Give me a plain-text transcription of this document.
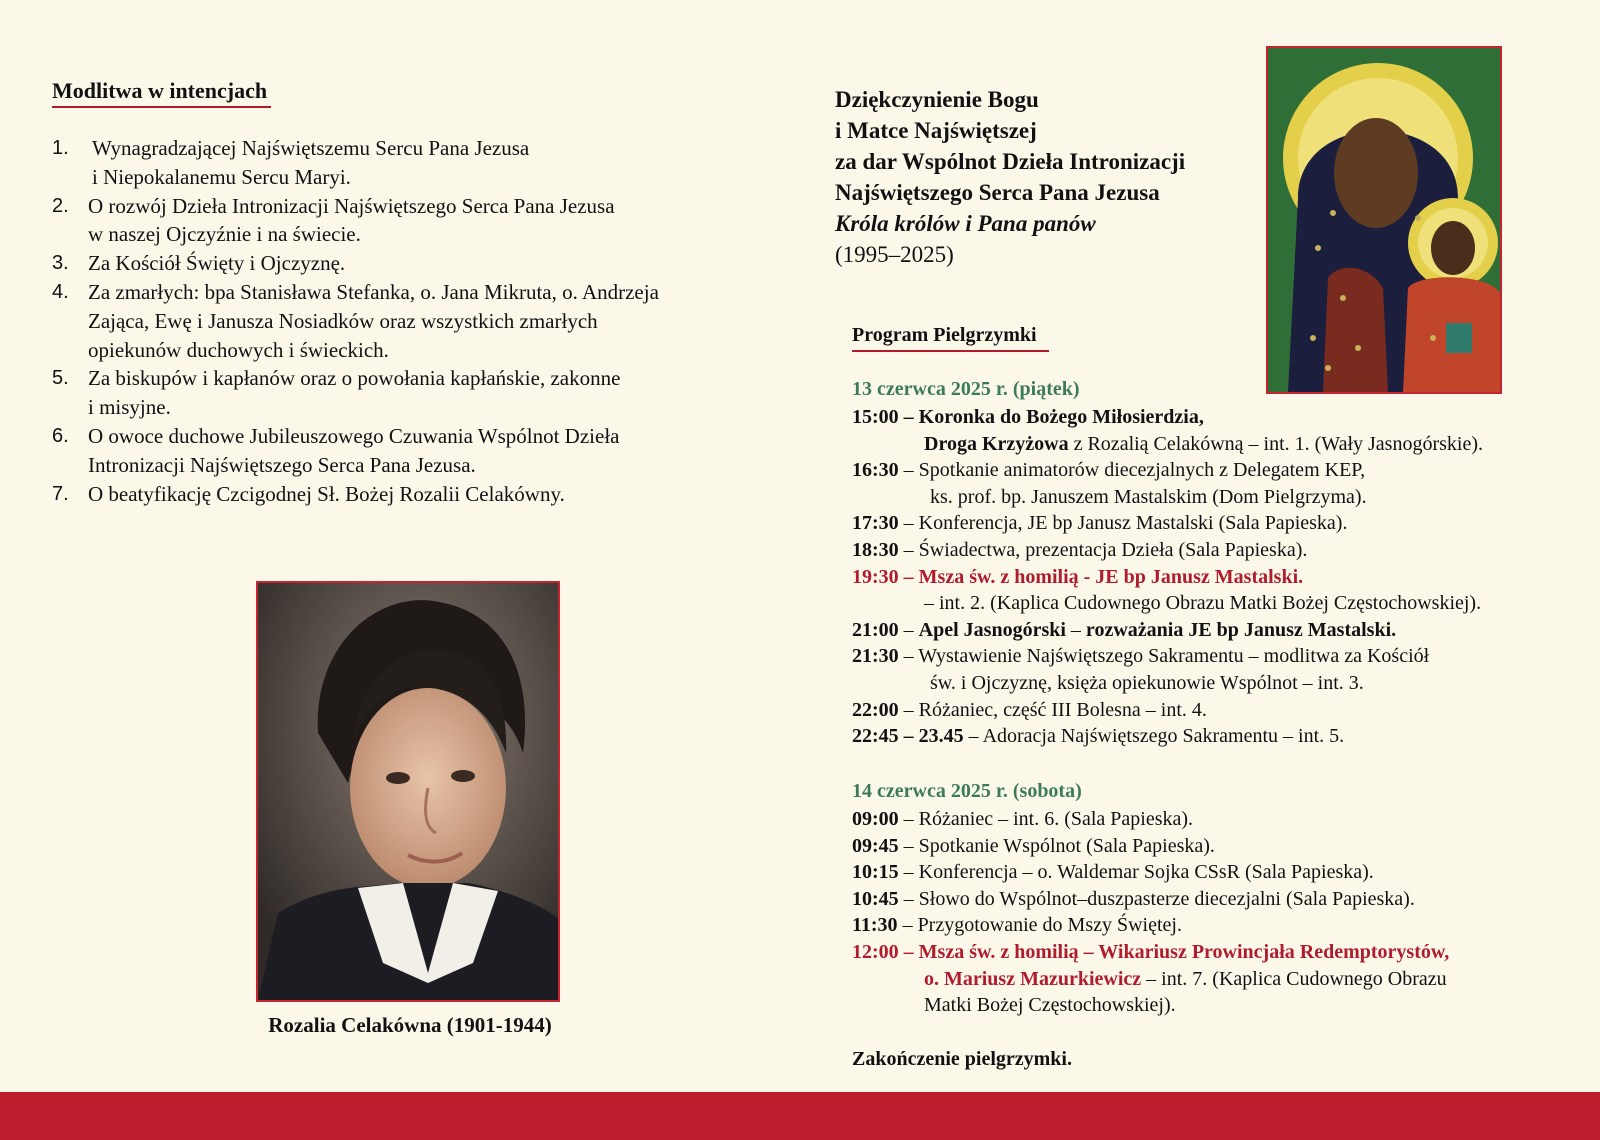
Modlitwa w intencjach
1. Wynagradzającej Najświętszemu Sercu Pana Jezusa
i Niepokalanemu Sercu Maryi.
2. O rozwój Dzieła Intronizacji Najświętszego Serca Pana Jezusa
w naszej Ojczyźnie i na świecie.
3. Za Kościół Święty i Ojczyznę.
4. Za zmarłych: bpa Stanisława Stefanka, o. Jana Mikruta, o. Andrzeja
Zająca, Ewę i Janusza Nosiadków oraz wszystkich zmarłych
opiekunów duchowych i świeckich.
5. Za biskupów i kapłanów oraz o powołania kapłańskie, zakonne
i misyjne.
6. O owoce duchowe Jubileuszowego Czuwania Wspólnot Dzieła
Intronizacji Najświętszego Serca Pana Jezusa.
7. O beatyfikację Czcigodnej Sł. Bożej Rozalii Celakówny.
Rozalia Celakówna (1901-1944)
Dziękczynienie Bogu
i Matce Najświętszej
za dar Wspólnot Dzieła Intronizacji
Najświętszego Serca Pana Jezusa
Króla królów i Pana panów
(1995–2025)
Program Pielgrzymki
13 czerwca 2025 r. (piątek)
15:00 – Koronka do Bożego Miłosierdzia,
Droga Krzyżowa z Rozalią Celakówną – int. 1. (Wały Jasnogórskie).
16:30 – Spotkanie animatorów diecezjalnych z Delegatem KEP,
ks. prof. bp. Januszem Mastalskim (Dom Pielgrzyma).
17:30 – Konferencja, JE bp Janusz Mastalski (Sala Papieska).
18:30 – Świadectwa, prezentacja Dzieła (Sala Papieska).
19:30 – Msza św. z homilią - JE bp Janusz Mastalski.
– int. 2. (Kaplica Cudownego Obrazu Matki Bożej Częstochowskiej).
21:00 – Apel Jasnogórski – rozważania JE bp Janusz Mastalski.
21:30 – Wystawienie Najświętszego Sakramentu – modlitwa za Kościół
św. i Ojczyznę, księża opiekunowie Wspólnot – int. 3.
22:00 – Różaniec, część III Bolesna – int. 4.
22:45 – 23.45 – Adoracja Najświętszego Sakramentu – int. 5.
14 czerwca 2025 r. (sobota)
09:00 – Różaniec – int. 6. (Sala Papieska).
09:45 – Spotkanie Wspólnot (Sala Papieska).
10:15 – Konferencja – o. Waldemar Sojka CSsR (Sala Papieska).
10:45 – Słowo do Wspólnot–duszpasterze diecezjalni (Sala Papieska).
11:30 – Przygotowanie do Mszy Świętej.
12:00 – Msza św. z homilią – Wikariusz Prowincjała Redemptorystów,
o. Mariusz Mazurkiewicz – int. 7. (Kaplica Cudownego Obrazu
Matki Bożej Częstochowskiej).
Zakończenie pielgrzymki.
